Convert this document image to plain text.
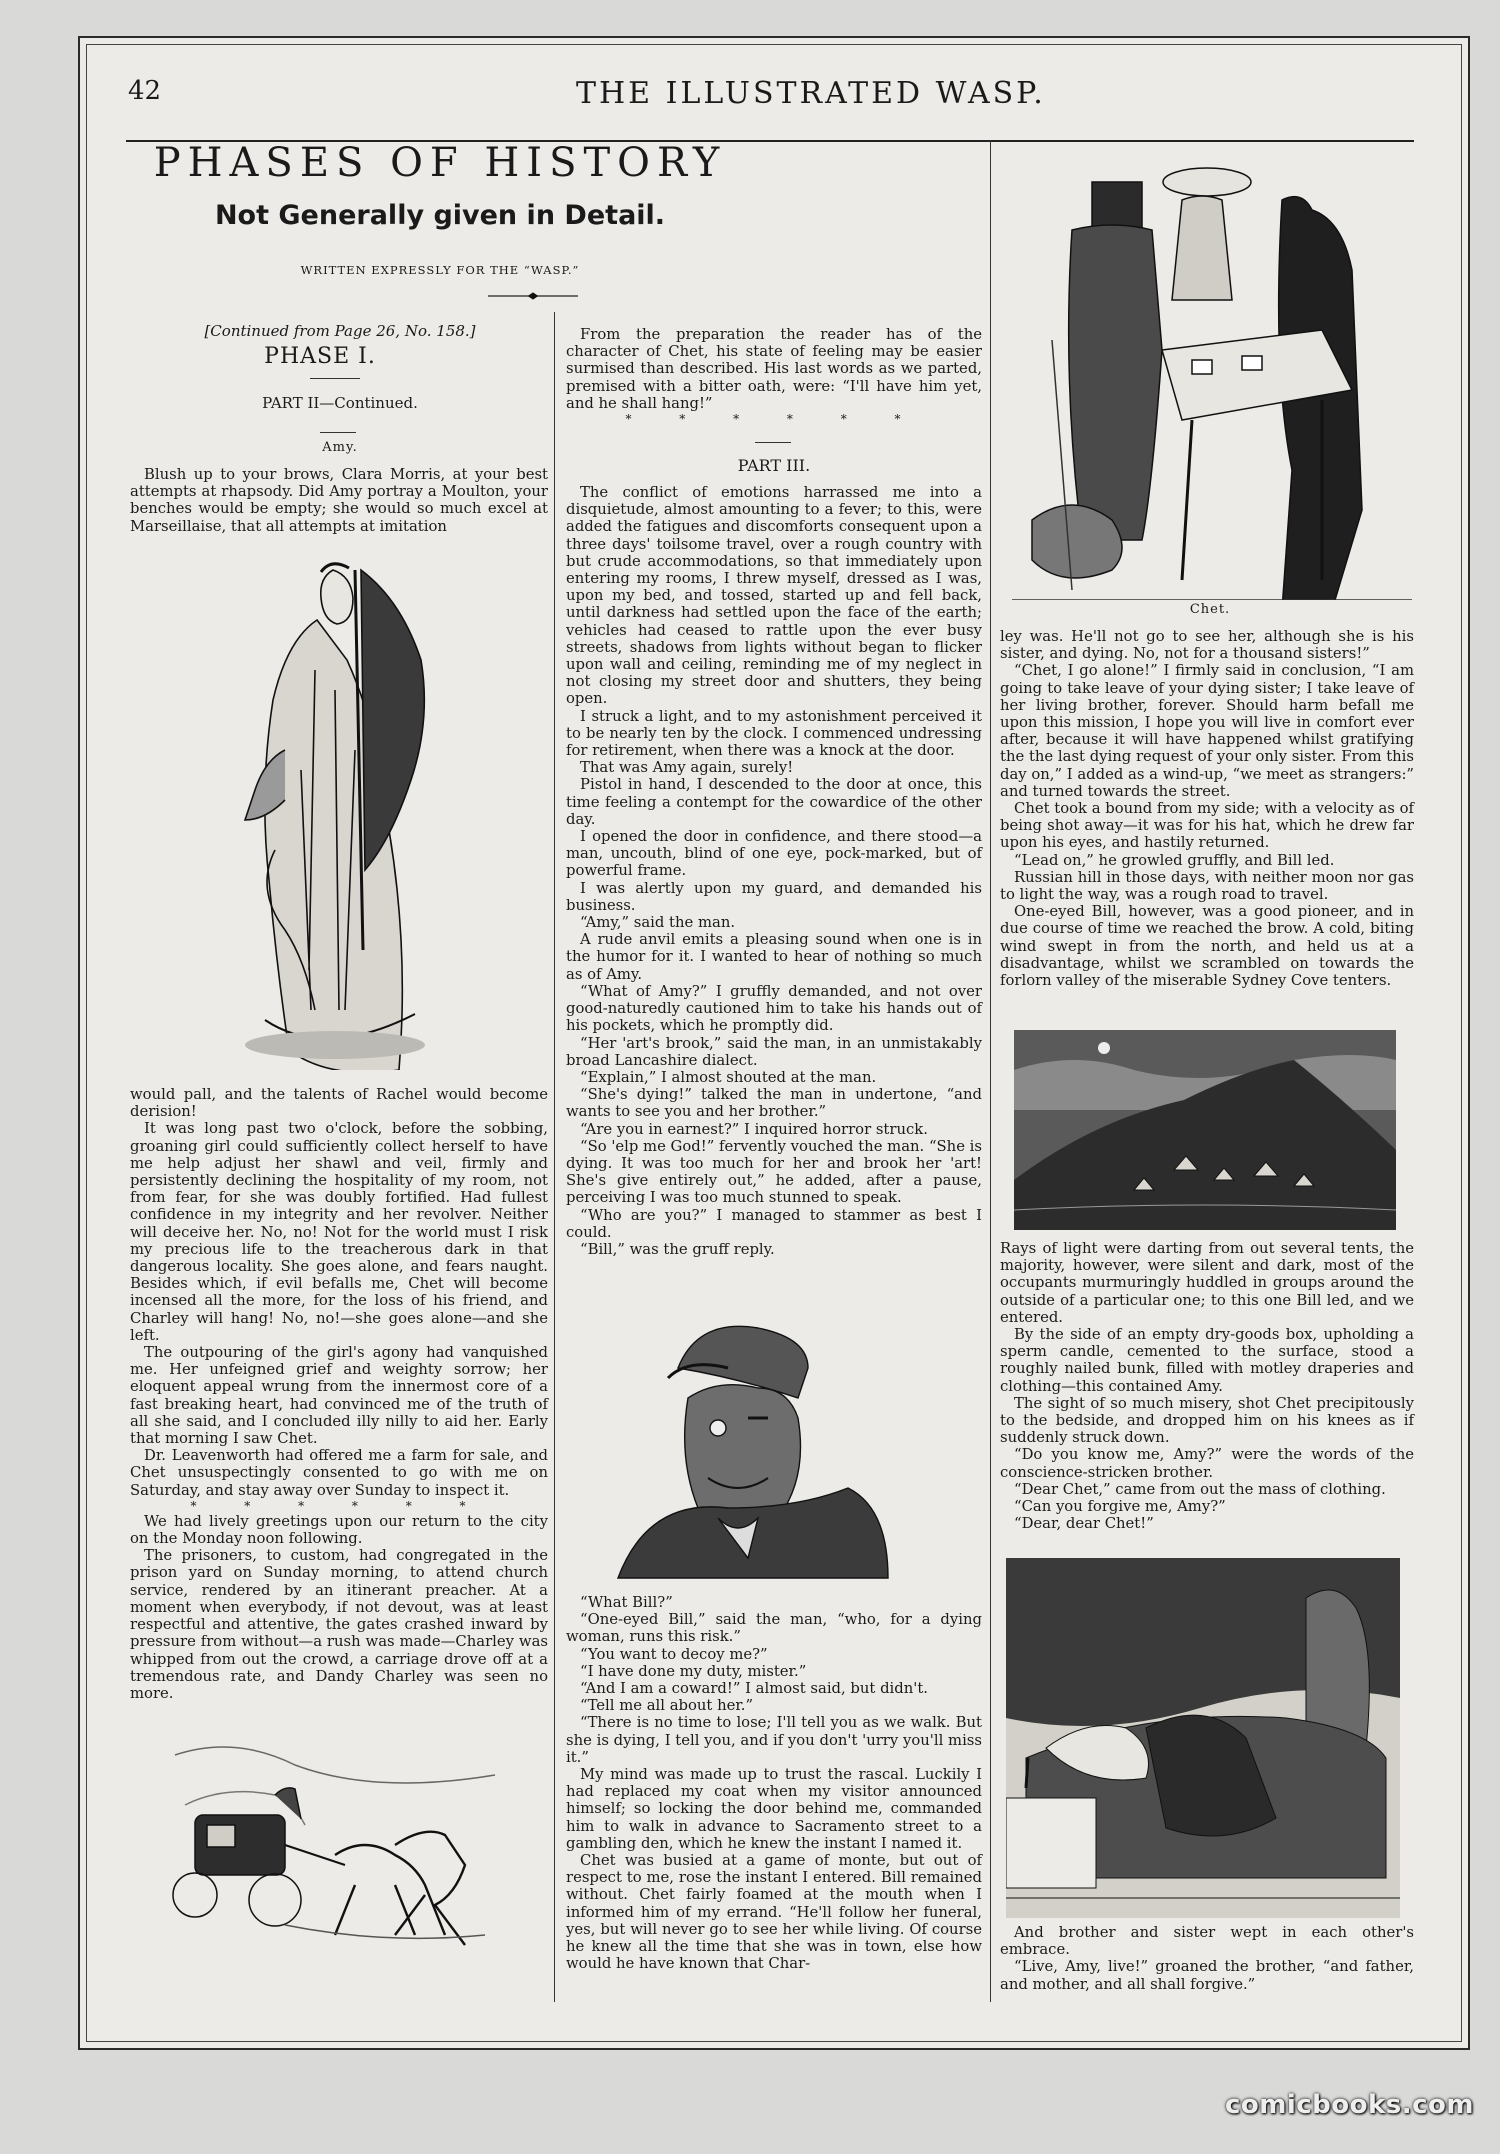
42	THE ILLUSTRATED WASP.
PHASES OF HISTORY
Not Generally given in Detail.
WRITTEN EXPRESSLY FOR THE “WASP.”
[Continued from Page 26, No. 158.]
PHASE I.
PART II—Continued.
Amy.

Blush up to your brows, Clara Morris, at your best attempts at rhapsody. Did Amy portray a Moulton, your benches would be empty; she would so much excel at Marseillaise, that all attempts at imitation

would pall, and the talents of Rachel would become derision!

It was long past two o'clock, before the sobbing, groaning girl could sufficiently collect herself to have me help adjust her shawl and veil, firmly and persistently declining the hospitality of my room, not from fear, for she was doubly fortified. Had fullest confidence in my integrity and her revolver. Neither will deceive her. No, no! Not for the world must I risk my precious life to the treacherous dark in that dangerous locality. She goes alone, and fears naught. Besides which, if evil befalls me, Chet will become incensed all the more, for the loss of his friend, and Charley will hang! No, no!—she goes alone—and she left.

The outpouring of the girl's agony had vanquished me. Her unfeigned grief and weighty sorrow; her eloquent appeal wrung from the innermost core of a fast breaking heart, had convinced me of the truth of all she said, and I concluded illy nilly to aid her. Early that morning I saw Chet.

Dr. Leavenworth had offered me a farm for sale, and Chet unsuspectingly consented to go with me on Saturday, and stay away over Sunday to inspect it.

* * * * * *

We had lively greetings upon our return to the city on the Monday noon following.

The prisoners, to custom, had congregated in the prison yard on Sunday morning, to attend church service, rendered by an itinerant preacher. At a moment when everybody, if not devout, was at least respectful and attentive, the gates crashed inward by pressure from without—a rush was made—Charley was whipped from out the crowd, a carriage drove off at a tremendous rate, and Dandy Charley was seen no more.

From the preparation the reader has of the character of Chet, his state of feeling may be easier surmised than described. His last words as we parted, premised with a bitter oath, were: “I'll have him yet, and he shall hang!”

* * * * * *
PART III.

The conflict of emotions harrassed me into a disquietude, almost amounting to a fever; to this, were added the fatigues and discomforts consequent upon a three days' toilsome travel, over a rough country with but crude accommodations, so that immediately upon entering my rooms, I threw myself, dressed as I was, upon my bed, and tossed, started up and fell back, until darkness had settled upon the face of the earth; vehicles had ceased to rattle upon the ever busy streets, shadows from lights without began to flicker upon wall and ceiling, reminding me of my neglect in not closing my street door and shutters, they being open.

I struck a light, and to my astonishment perceived it to be nearly ten by the clock. I commenced undressing for retirement, when there was a knock at the door.

That was Amy again, surely!

Pistol in hand, I descended to the door at once, this time feeling a contempt for the cowardice of the other day.

I opened the door in confidence, and there stood—a man, uncouth, blind of one eye, pock-marked, but of powerful frame.

I was alertly upon my guard, and demanded his business.

“Amy,” said the man.

A rude anvil emits a pleasing sound when one is in the humor for it. I wanted to hear of nothing so much as of Amy.

“What of Amy?” I gruffly demanded, and not over good-naturedly cautioned him to take his hands out of his pockets, which he promptly did.

“Her 'art's brook,” said the man, in an unmistakably broad Lancashire dialect.

“Explain,” I almost shouted at the man.

“She's dying!” talked the man in undertone, “and wants to see you and her brother.”

“Are you in earnest?” I inquired horror struck.

“So 'elp me God!” fervently vouched the man. “She is dying. It was too much for her and brook her 'art! She's give entirely out,” he added, after a pause, perceiving I was too much stunned to speak.

“Who are you?” I managed to stammer as best I could.

“Bill,” was the gruff reply.

“What Bill?”

“One-eyed Bill,” said the man, “who, for a dying woman, runs this risk.”

“You want to decoy me?”

“I have done my duty, mister.”

“And I am a coward!” I almost said, but didn't.

“Tell me all about her.”

“There is no time to lose; I'll tell you as we walk. But she is dying, I tell you, and if you don't 'urry you'll miss it.”

My mind was made up to trust the rascal. Luckily I had replaced my coat when my visitor announced himself; so locking the door behind me, commanded him to walk in advance to Sacramento street to a gambling den, which he knew the instant I named it.

Chet was busied at a game of monte, but out of respect to me, rose the instant I entered. Bill remained without. Chet fairly foamed at the mouth when I informed him of my errand. “He'll follow her funeral, yes, but will never go to see her while living. Of course he knew all the time that she was in town, else how would he have known that Char-

Chet.

ley was. He'll not go to see her, although she is his sister, and dying. No, not for a thousand sisters!”

“Chet, I go alone!” I firmly said in conclusion, “I am going to take leave of your dying sister; I take leave of her living brother, forever. Should harm befall me upon this mission, I hope you will live in comfort ever after, because it will have happened whilst gratifying the the last dying request of your only sister. From this day on,” I added as a wind-up, “we meet as strangers:” and turned towards the street.

Chet took a bound from my side; with a velocity as of being shot away—it was for his hat, which he drew far upon his eyes, and hastily returned.

“Lead on,” he growled gruffly, and Bill led.

Russian hill in those days, with neither moon nor gas to light the way, was a rough road to travel.

One-eyed Bill, however, was a good pioneer, and in due course of time we reached the brow. A cold, biting wind swept in from the north, and held us at a disadvantage, whilst we scrambled on towards the forlorn valley of the miserable Sydney Cove tenters.

Rays of light were darting from out several tents, the majority, however, were silent and dark, most of the occupants murmuringly huddled in groups around the outside of a particular one; to this one Bill led, and we entered.

By the side of an empty dry-goods box, upholding a sperm candle, cemented to the surface, stood a roughly nailed bunk, filled with motley draperies and clothing—this contained Amy.

The sight of so much misery, shot Chet precipitously to the bedside, and dropped him on his knees as if suddenly struck down.

“Do you know me, Amy?” were the words of the conscience-stricken brother.

“Dear Chet,” came from out the mass of clothing.

“Can you forgive me, Amy?”

“Dear, dear Chet!”

And brother and sister wept in each other's embrace.

“Live, Amy, live!” groaned the brother, “and father, and mother, and all shall forgive.”

comicbooks.com
